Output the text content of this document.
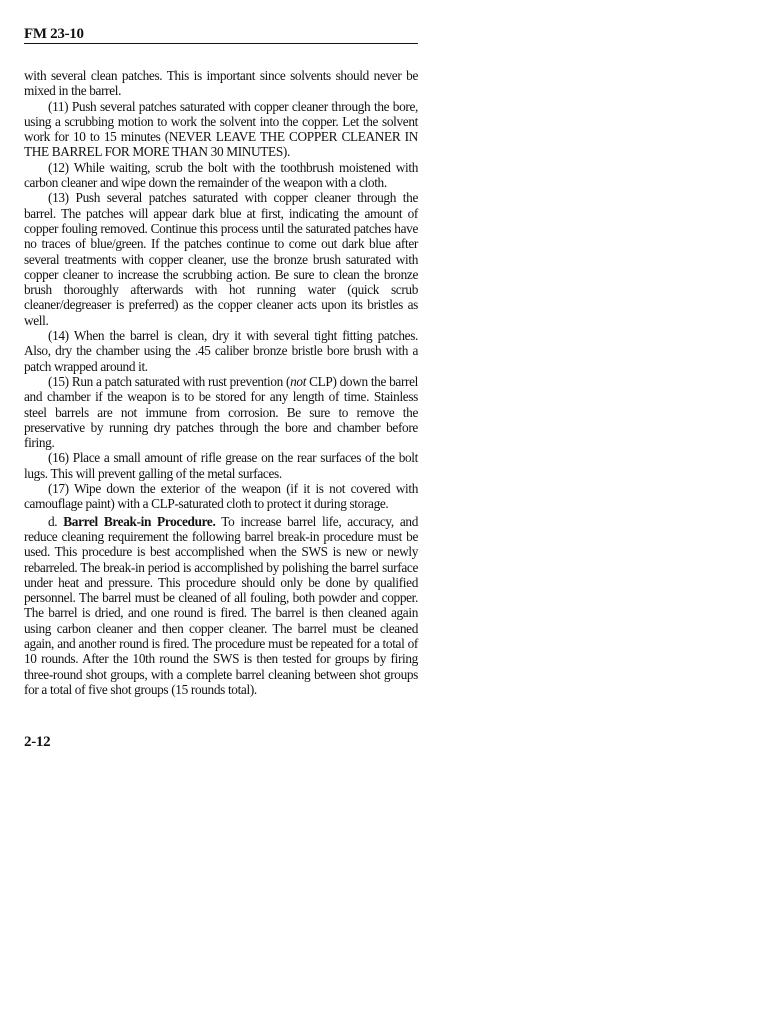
FM 23-10

with several clean patches. This is important since solvents should never be mixed in the barrel.

(11) Push several patches saturated with copper cleaner through the bore, using a scrubbing motion to work the solvent into the copper. Let the solvent work for 10 to 15 minutes (NEVER LEAVE THE COPPER CLEANER IN THE BARREL FOR MORE THAN 30 MINUTES).

(12) While waiting, scrub the bolt with the toothbrush moistened with carbon cleaner and wipe down the remainder of the weapon with a cloth.

(13) Push several patches saturated with copper cleaner through the barrel. The patches will appear dark blue at first, indicating the amount of copper fouling removed. Continue this process until the saturated patches have no traces of blue/green. If the patches continue to come out dark blue after several treatments with copper cleaner, use the bronze brush saturated with copper cleaner to increase the scrubbing action. Be sure to clean the bronze brush thoroughly afterwards with hot running water (quick scrub cleaner/degreaser is preferred) as the copper cleaner acts upon its bristles as well.

(14) When the barrel is clean, dry it with several tight fitting patches. Also, dry the chamber using the .45 caliber bronze bristle bore brush with a patch wrapped around it.

(15) Run a patch saturated with rust prevention (not CLP) down the barrel and chamber if the weapon is to be stored for any length of time. Stainless steel barrels are not immune from corrosion. Be sure to remove the preservative by running dry patches through the bore and chamber before firing.

(16) Place a small amount of rifle grease on the rear surfaces of the bolt lugs. This will prevent galling of the metal surfaces.

(17) Wipe down the exterior of the weapon (if it is not covered with camouflage paint) with a CLP-saturated cloth to protect it during storage.

d. Barrel Break-in Procedure. To increase barrel life, accuracy, and reduce cleaning requirement the following barrel break-in procedure must be used. This procedure is best accomplished when the SWS is new or newly rebarreled. The break-in period is accomplished by polishing the barrel surface under heat and pressure. This procedure should only be done by qualified personnel. The barrel must be cleaned of all fouling, both powder and copper. The barrel is dried, and one round is fired. The barrel is then cleaned again using carbon cleaner and then copper cleaner. The barrel must be cleaned again, and another round is fired. The procedure must be repeated for a total of 10 rounds. After the 10th round the SWS is then tested for groups by firing three-round shot groups, with a complete barrel cleaning between shot groups for a total of five shot groups (15 rounds total).

2-12
